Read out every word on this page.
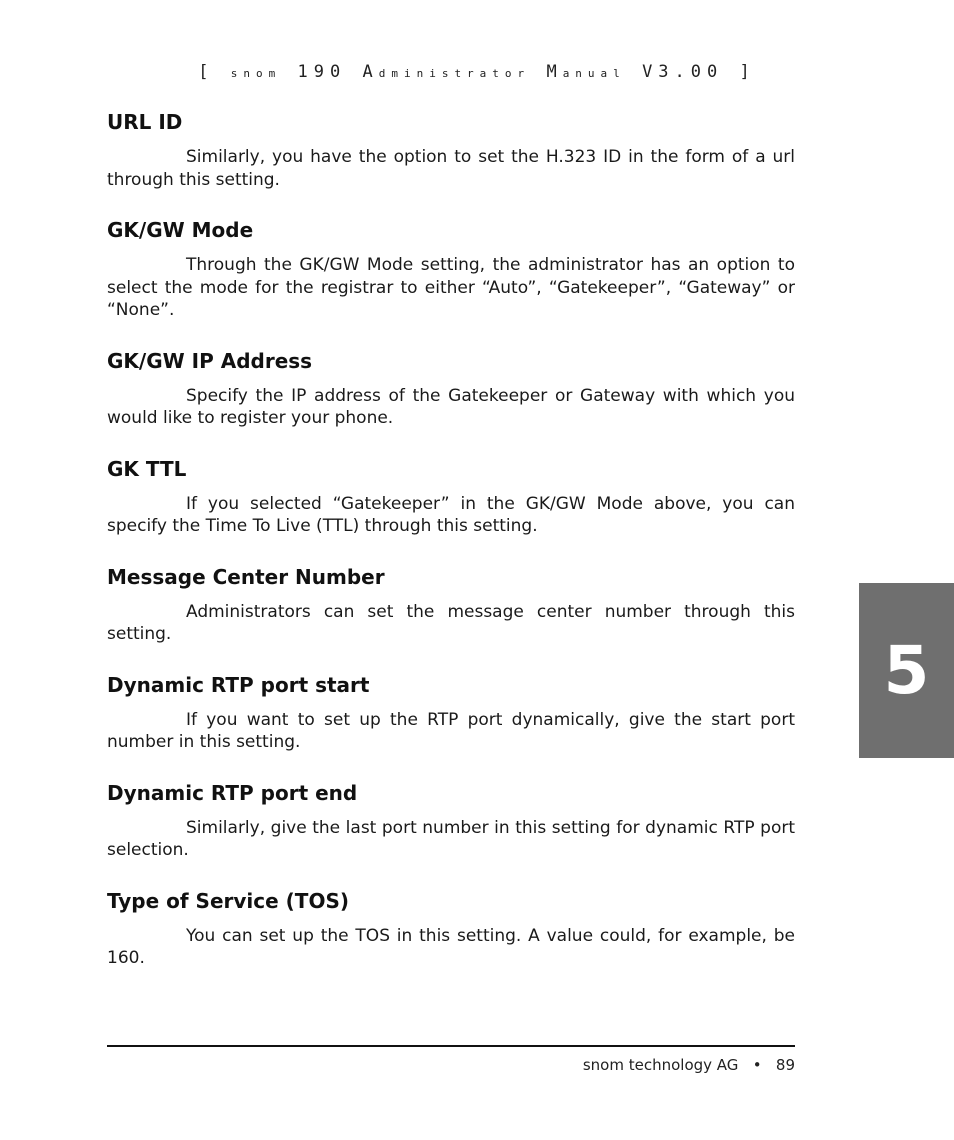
[ snom 190 Administrator Manual V3.00 ]
URL ID

Similarly, you have the option to set the H.323 ID in the form of a url through this setting.

GK/GW Mode

Through the GK/GW Mode setting, the administrator has an option to select the mode for the registrar to either “Auto”, “Gatekeeper”, “Gateway” or “None”.

GK/GW IP Address

Specify the IP address of the Gatekeeper or Gateway with which you would like to register your phone.

GK TTL

If you selected “Gatekeeper” in the GK/GW Mode above, you can specify the Time To Live (TTL) through this setting.

Message Center Number

Administrators can set the message center number through this setting.

Dynamic RTP port start

If you want to set up the RTP port dynamically, give the start port number in this setting.

Dynamic RTP port end

Similarly, give the last port number in this setting for dynamic RTP port selection.

Type of Service (TOS)

You can set up the TOS in this setting. A value could, for example, be 160.

5
snom technology AG • 89
